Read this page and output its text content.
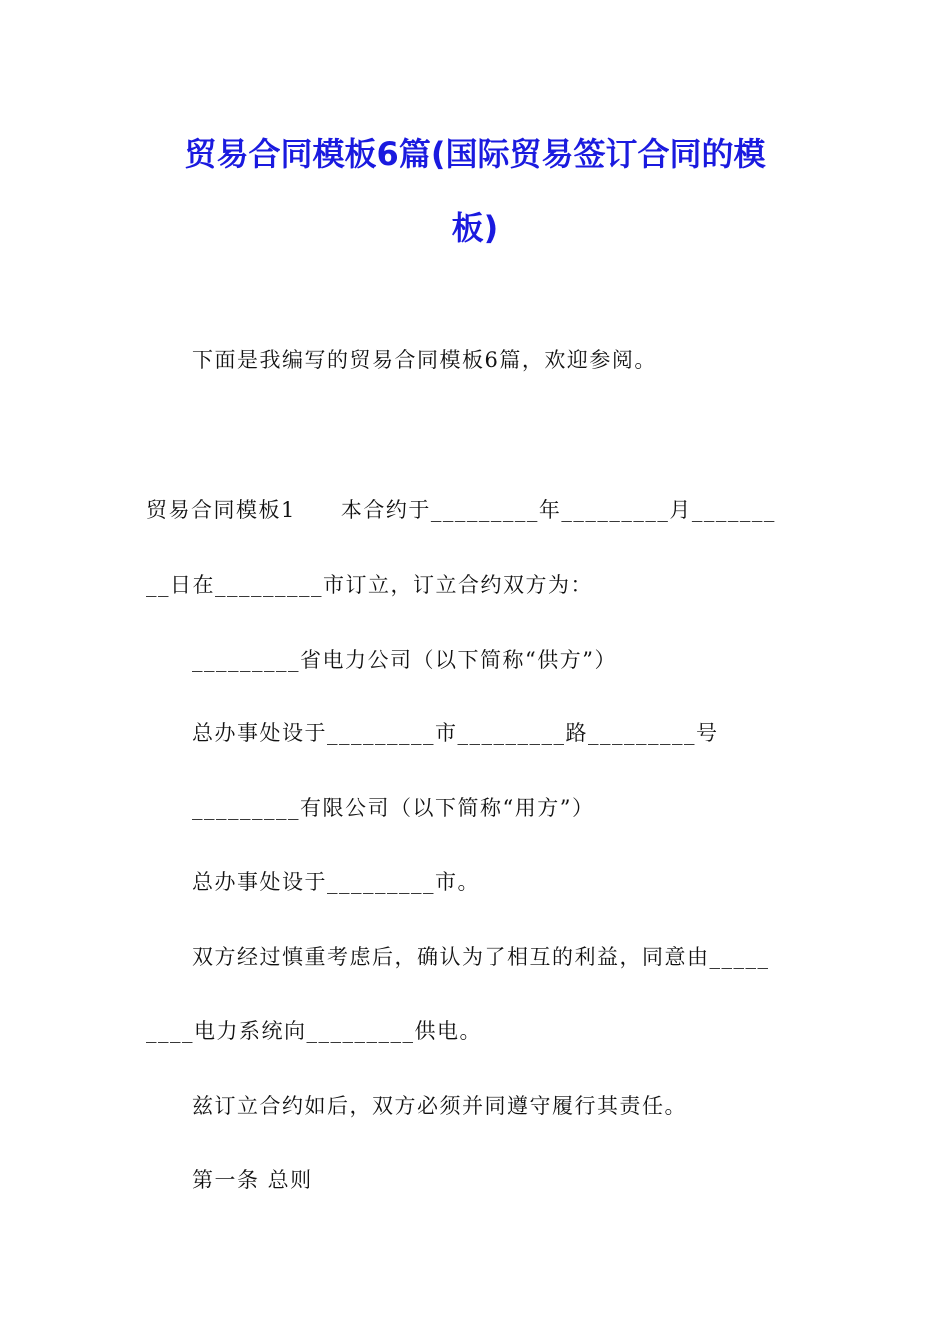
贸易合同模板6篇(国际贸易签订合同的模
板)
下面是我编写的贸易合同模板6篇，欢迎参阅。
贸易合同模板1　　本合约于_________年_________月_______
__日在_________市订立，订立合约双方为：
_________省电力公司（以下简称“供方”）
总办事处设于_________市_________路_________号
_________有限公司（以下简称“用方”）
总办事处设于_________市。
双方经过慎重考虑后，确认为了相互的利益，同意由_____
____电力系统向_________供电。
兹订立合约如后，双方必须并同遵守履行其责任。
第一条 总则
